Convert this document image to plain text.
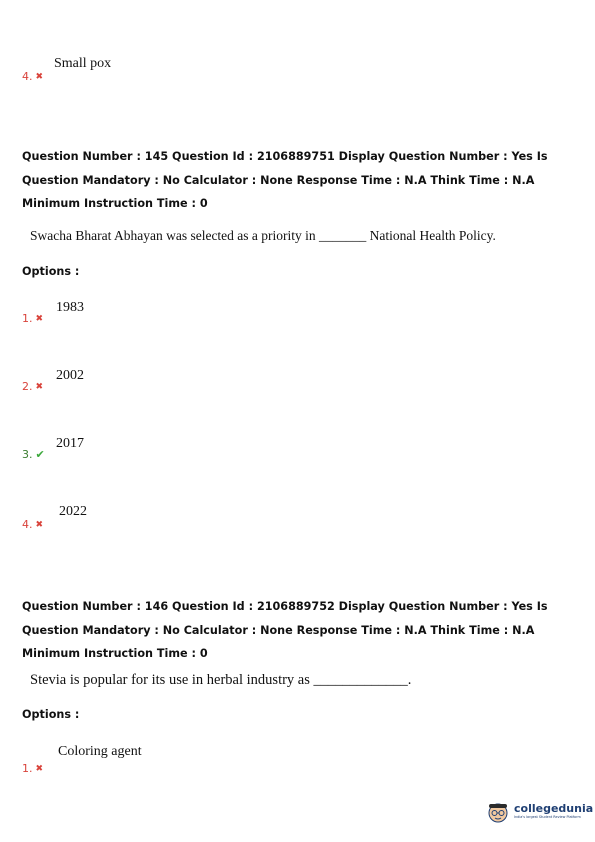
4. ✖
Small pox
Question Number : 145 Question Id : 2106889751 Display Question Number : Yes Is Question Mandatory : No Calculator : None Response Time : N.A Think Time : N.A Minimum Instruction Time : 0
Swacha Bharat Abhayan was selected as a priority in _______ National Health Policy.
Options :
1. ✖
1983
2. ✖
2002
3. ✔
2017
4. ✖
2022
Question Number : 146 Question Id : 2106889752 Display Question Number : Yes Is Question Mandatory : No Calculator : None Response Time : N.A Think Time : N.A Minimum Instruction Time : 0
Stevia is popular for its use in herbal industry as _____________.
Options :
1. ✖
Coloring agent
collegedunia
India's largest Student Review Platform
